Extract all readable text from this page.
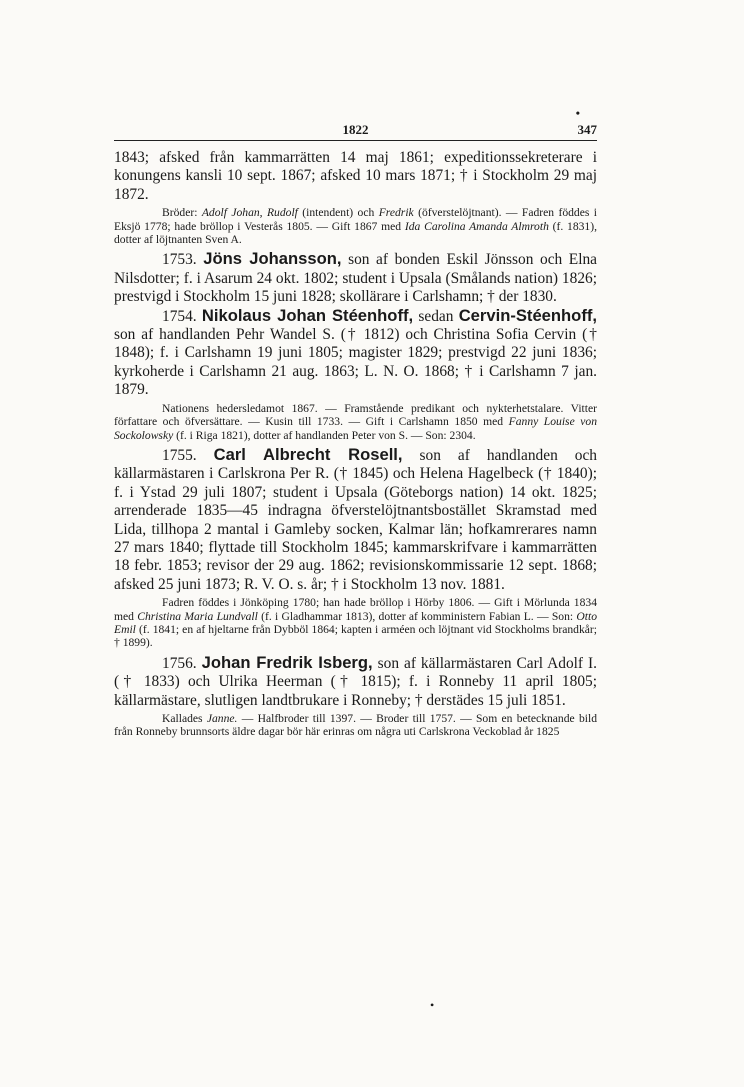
•
1822	347

1843; afsked från kammarrätten 14 maj 1861; expeditionssekreterare i konungens kansli 10 sept. 1867; afsked 10 mars 1871; † i Stockholm 29 maj 1872.

Bröder: Adolf Johan, Rudolf (intendent) och Fredrik (öfverstelöjtnant). — Fadren föddes i Eksjö 1778; hade bröllop i Vesterås 1805. — Gift 1867 med Ida Carolina Amanda Almroth (f. 1831), dotter af löjtnanten Sven A.

1753. Jöns Johansson, son af bonden Eskil Jönsson och Elna Nilsdotter; f. i Asarum 24 okt. 1802; student i Upsala (Smålands nation) 1826; prestvigd i Stockholm 15 juni 1828; skollärare i Carlshamn; † der 1830.

1754. Nikolaus Johan Stéenhoff, sedan Cervin-Stéenhoff, son af handlanden Pehr Wandel S. († 1812) och Christina Sofia Cervin († 1848); f. i Carlshamn 19 juni 1805; magister 1829; prestvigd 22 juni 1836; kyrkoherde i Carlshamn 21 aug. 1863; L. N. O. 1868; † i Carlshamn 7 jan. 1879.

Nationens hedersledamot 1867. — Framstående predikant och nykterhetstalare. Vitter författare och öfversättare. — Kusin till 1733. — Gift i Carlshamn 1850 med Fanny Louise von Sockolowsky (f. i Riga 1821), dotter af handlanden Peter von S. — Son: 2304.

1755. Carl Albrecht Rosell, son af handlanden och källarmästaren i Carlskrona Per R. († 1845) och Helena Hagelbeck († 1840); f. i Ystad 29 juli 1807; student i Upsala (Göteborgs nation) 14 okt. 1825; arrenderade 1835—45 indragna öfverstelöjtnantsbostället Skramstad med Lida, tillhopa 2 mantal i Gamleby socken, Kalmar län; hofkamrerares namn 27 mars 1840; flyttade till Stockholm 1845; kammarskrifvare i kammarrätten 18 febr. 1853; revisor der 29 aug. 1862; revisionskommissarie 12 sept. 1868; afsked 25 juni 1873; R. V. O. s. år; † i Stockholm 13 nov. 1881.

Fadren föddes i Jönköping 1780; han hade bröllop i Hörby 1806. — Gift i Mörlunda 1834 med Christina Maria Lundvall (f. i Gladhammar 1813), dotter af komministern Fabian L. — Son: Otto Emil (f. 1841; en af hjeltarne från Dybböl 1864; kapten i arméen och löjtnant vid Stockholms brandkår; † 1899).

1756. Johan Fredrik Isberg, son af källarmästaren Carl Adolf I. († 1833) och Ulrika Heerman († 1815); f. i Ronneby 11 april 1805; källarmästare, slutligen landtbrukare i Ronneby; † derstädes 15 juli 1851.

Kallades Janne. — Halfbroder till 1397. — Broder till 1757. — Som en betecknande bild från Ronneby brunnsorts äldre dagar bör här erinras om några uti Carlskrona Veckoblad år 1825

•
